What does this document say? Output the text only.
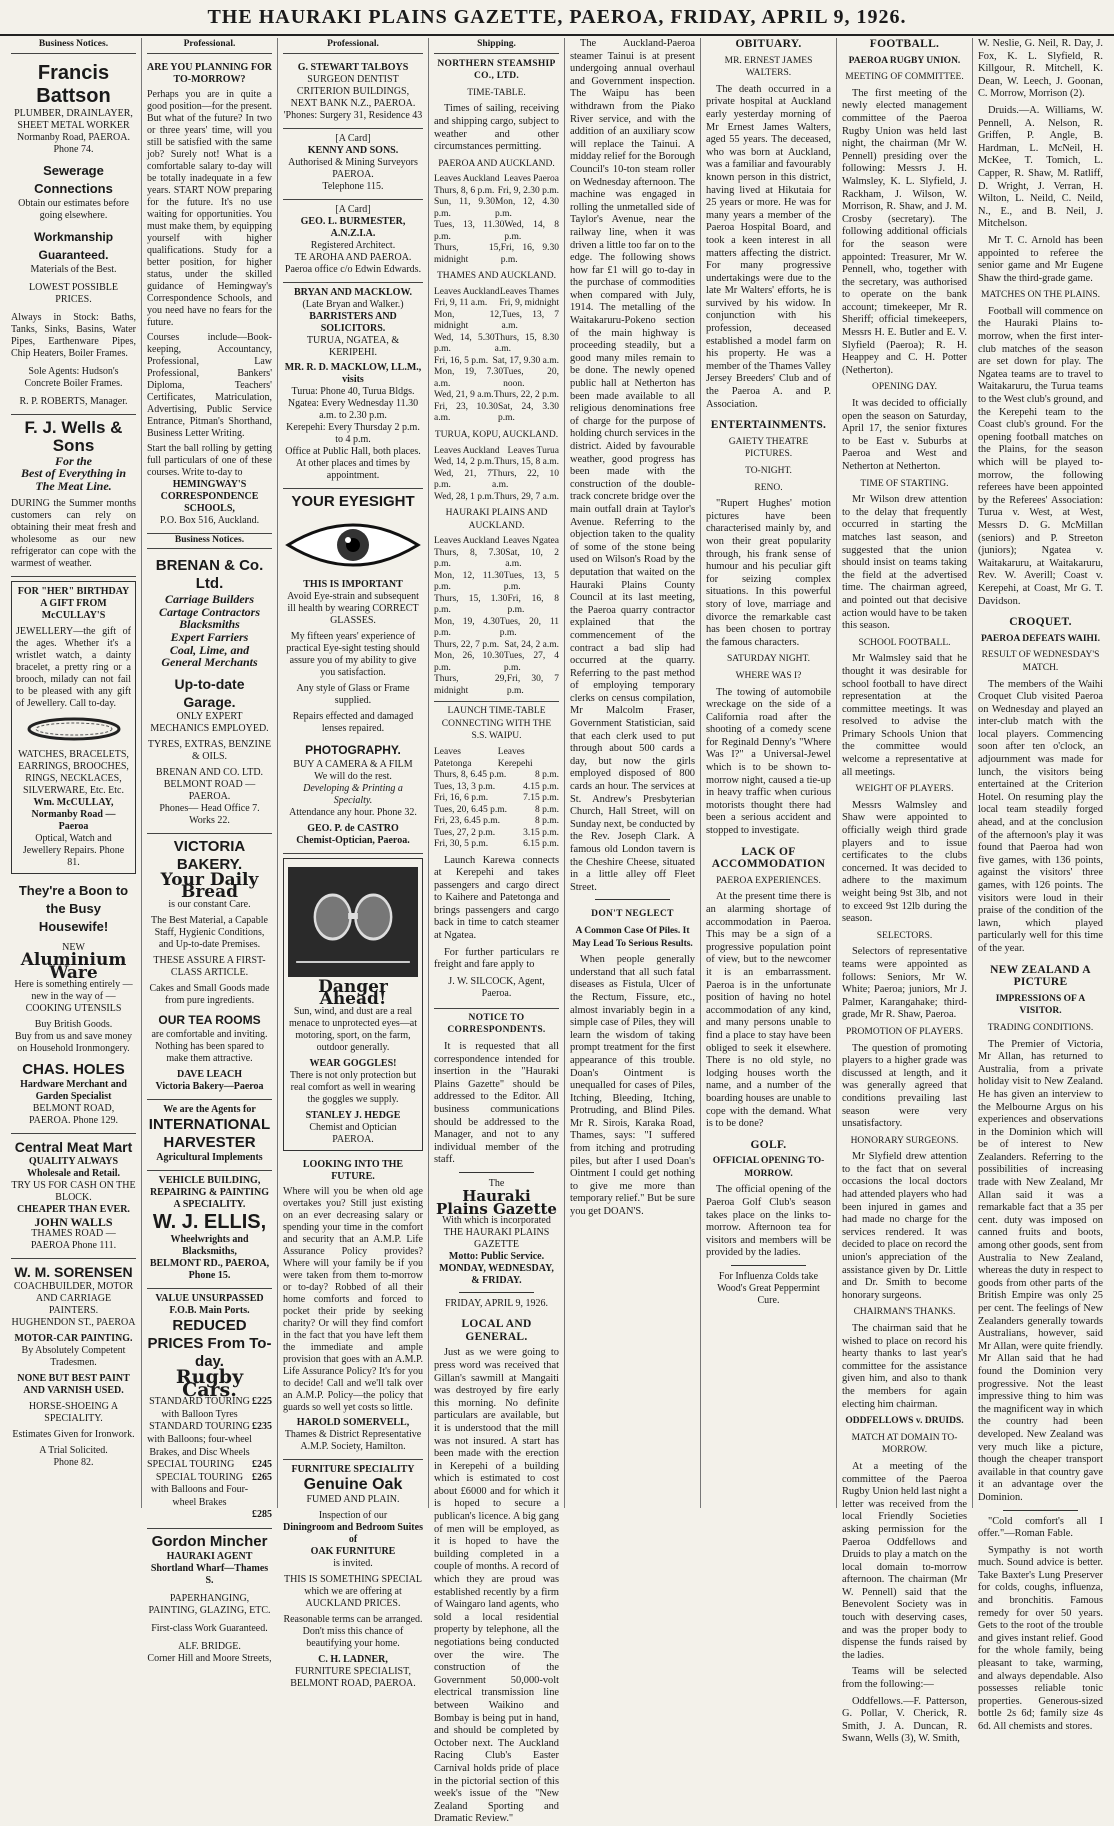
THE HAURAKI PLAINS GAZETTE, PAEROA, FRIDAY, APRIL 9, 1926.
Business Notices.
Francis Battson
PLUMBER, DRAINLAYER, SHEET METAL WORKER
Normanby Road, PAEROA. Phone 74.
Sewerage Connections
Obtain our estimates before going elsewhere.
Workmanship Guaranteed.
Materials of the Best.
LOWEST POSSIBLE PRICES.
Always in Stock: Baths, Tanks, Sinks, Basins, Water Pipes, Earthenware Pipes, Chip Heaters, Boiler Frames.
Sole Agents: Hudson's Concrete Boiler Frames.
R. P. ROBERTS, Manager.
F. J. Wells & Sons
For the
Best of Everything in
The Meat Line.
DURING the Summer months customers can rely on obtaining their meat fresh and wholesome as our new refrigerator can cope with the warmest of weather.
FOR "HER" BIRTHDAY A GIFT FROM McCULLAY'S
JEWELLERY—the gift of the ages. Whether it's a wristlet watch, a dainty bracelet, a pretty ring or a brooch, milady can not fail to be pleased with any gift of Jewellery. Call to-day.
WATCHES, BRACELETS, EARRINGS, BROOCHES, RINGS, NECKLACES, SILVERWARE, Etc. Etc.
Wm. McCULLAY,
Normanby Road — Paeroa
Optical, Watch and Jewellery Repairs. Phone 81.
They're a Boon to the Busy Housewife!
NEW
Aluminium Ware
Here is something entirely — new in the way of — COOKING UTENSILS
Buy British Goods.
Buy from us and save money on Household Ironmongery.
CHAS. HOLES
Hardware Merchant and Garden Specialist
BELMONT ROAD, PAEROA. Phone 129.
Central Meat Mart
QUALITY ALWAYS
Wholesale and Retail.
TRY US FOR CASH ON THE BLOCK.
CHEAPER THAN EVER.
JOHN WALLS
THAMES ROAD — PAEROA Phone 111.
W. M. SORENSEN
COACHBUILDER, MOTOR AND CARRIAGE PAINTERS.
HUGHENDON ST., PAEROA
MOTOR-CAR PAINTING.
By Absolutely Competent Tradesmen.
NONE BUT BEST PAINT AND VARNISH USED.
HORSE-SHOEING A SPECIALITY.
Estimates Given for Ironwork.
A Trial Solicited.
Phone 82.
Professional.
ARE YOU PLANNING FOR TO-MORROW?
Perhaps you are in quite a good position—for the present. But what of the future? In two or three years' time, will you still be satisfied with the same job? Surely not! What is a comfortable salary to-day will be totally inadequate in a few years. START NOW preparing for the future. It's no use waiting for opportunities. You must make them, by equipping yourself with higher qualifications. Study for a better position, for higher status, under the skilled guidance of Hemingway's Correspondence Schools, and you need have no fears for the future.
Courses include—Book-keeping, Accountancy, Professional, Law Professional, Bankers' Diploma, Teachers' Certificates, Matriculation, Advertising, Public Service Entrance, Pitman's Shorthand, Business Letter Writing.
Start the ball rolling by getting full particulars of one of these courses. Write to-day to
HEMINGWAY'S CORRESPONDENCE SCHOOLS,
P.O. Box 516, Auckland.
Business Notices.
BRENAN & Co. Ltd.
Carriage Builders
Cartage Contractors
Blacksmiths
Expert Farriers
Coal, Lime, and
General Merchants
Up-to-date Garage.
ONLY EXPERT MECHANICS EMPLOYED.
TYRES, EXTRAS, BENZINE & OILS.
BRENAN AND CO. LTD.
BELMONT ROAD — PAEROA.
Phones— Head Office 7. Works 22.
VICTORIA BAKERY.
Your Daily Bread
is our constant Care.
The Best Material, a Capable Staff, Hygienic Conditions, and Up-to-date Premises.
THESE ASSURE A FIRST-CLASS ARTICLE.
Cakes and Small Goods made from pure ingredients.
OUR TEA ROOMS
are comfortable and inviting. Nothing has been spared to make them attractive.
DAVE LEACH
Victoria Bakery—Paeroa
We are the Agents for
INTERNATIONAL HARVESTER
Agricultural Implements
VEHICLE BUILDING, REPAIRING & PAINTING A SPECIALITY.
W. J. ELLIS,
Wheelwrights and Blacksmiths,
BELMONT RD., PAEROA,
Phone 15.
VALUE UNSURPASSED F.O.B. Main Ports.
REDUCED PRICES From To-day.
Rugby Cars.
STANDARD TOURING with Balloon Tyres
£225
STANDARD TOURING with Balloons; four-wheel Brakes, and Disc Wheels
£235
SPECIAL TOURING £245
SPECIAL TOURING with Balloons and Four-wheel Brakes
£265
£285
Gordon Mincher
HAURAKI AGENT
Shortland Wharf—Thames S.
PAPERHANGING, PAINTING, GLAZING, ETC.
First-class Work Guaranteed.
ALF. BRIDGE.
Corner Hill and Moore Streets,
Professional.
G. STEWART TALBOYS
SURGEON DENTIST
CRITERION BUILDINGS, NEXT BANK N.Z., PAEROA.
'Phones: Surgery 31, Residence 43
[A Card]
KENNY AND SONS.
Authorised & Mining Surveyors PAEROA.
Telephone 115.
[A Card]
GEO. L. BURMESTER, A.N.Z.I.A.
Registered Architect.
TE AROHA AND PAEROA.
Paeroa office c/o Edwin Edwards.
BRYAN AND MACKLOW.
(Late Bryan and Walker.)
BARRISTERS AND SOLICITORS.
TURUA, NGATEA, & KERIPEHI.
MR. R. D. MACKLOW, LL.M., visits
Turua: Phone 40, Turua Bldgs.
Ngatea: Every Wednesday 11.30 a.m. to 2.30 p.m.
Kerepehi: Every Thursday 2 p.m. to 4 p.m.
Office at Public Hall, both places.
At other places and times by appointment.
YOUR EYESIGHT
THIS IS IMPORTANT
Avoid Eye-strain and subsequent ill health by wearing CORRECT GLASSES.
My fifteen years' experience of practical Eye-sight testing should assure you of my ability to give you satisfaction.
Any style of Glass or Frame supplied.
Repairs effected and damaged lenses repaired.
PHOTOGRAPHY.
BUY A CAMERA & A FILM
We will do the rest.
Developing & Printing a Specialty.
Attendance any hour. Phone 32.
GEO. P. de CASTRO
Chemist-Optician, Paeroa.
Danger Ahead!
Sun, wind, and dust are a real menace to unprotected eyes—at motoring, sport, on the farm, outdoor generally.
WEAR GOGGLES!
There is not only protection but real comfort as well in wearing the goggles we supply.
STANLEY J. HEDGE
Chemist and Optician PAEROA.
LOOKING INTO THE FUTURE.
Where will you be when old age overtakes you? Still just existing on an ever decreasing salary or spending your time in the comfort and security that an A.M.P. Life Assurance Policy provides? Where will your family be if you were taken from them to-morrow or to-day? Robbed of all their home comforts and forced to pocket their pride by seeking charity? Or will they find comfort in the fact that you have left them the immediate and ample provision that goes with an A.M.P. Life Assurance Policy? It's for you to decide! Call and we'll talk over an A.M.P. Policy—the policy that guards so well yet costs so little.
HAROLD SOMERVELL,
Thames & District Representative A.M.P. Society, Hamilton.
FURNITURE SPECIALITY
Genuine Oak
FUMED AND PLAIN.
Inspection of our
Diningroom and Bedroom Suites of
OAK FURNITURE
is invited.
THIS IS SOMETHING SPECIAL
which we are offering at AUCKLAND PRICES.
Reasonable terms can be arranged. Don't miss this chance of beautifying your home.
C. H. LADNER,
FURNITURE SPECIALIST,
BELMONT ROAD, PAEROA.
Shipping.
NORTHERN STEAMSHIP CO., LTD.
TIME-TABLE.

Times of sailing, receiving and shipping cargo, subject to weather and other circumstances permitting.

PAEROA AND AUCKLAND.
Leaves Auckland Leaves Paeroa
Thurs, 8, 6 p.m. Fri, 9, 2.30 p.m.
Sun, 11, 9.30 p.m.
Mon, 12, 4.30 p.m.
Tues, 13, 11.30 p.m.
Wed, 14, 8 p.m.
Thurs, 15, midnight
Fri, 16, 9.30 p.m.
THAMES AND AUCKLAND.
Leaves Auckland Leaves Thames
Fri, 9, 11 a.m. Fri, 9, midnight
Mon, 12, midnight
Tues, 13, 7 a.m.
Wed, 14, 5.30 p.m.
Thurs, 15, 8.30 a.m.
Fri, 16, 5 p.m. Sat, 17, 9.30 a.m.
Mon, 19, 7.30 a.m.
Tues, 20, noon.
Wed, 21, 9 a.m. Thurs, 22, 2 p.m.
Fri, 23, 10.30 a.m.
Sat, 24, 3.30 p.m.
TURUA, KOPU, AUCKLAND.
Leaves Auckland Leaves Turua
Wed, 14, 2 p.m. Thurs, 15, 8 a.m.
Wed, 21, 7 p.m.
Thurs, 22, 10 a.m.
Wed, 28, 1 p.m. Thurs, 29, 7 a.m.
HAURAKI PLAINS AND AUCKLAND.
Leaves Auckland Leaves Ngatea
Thurs, 8, 7.30 p.m.
Sat, 10, 2 a.m.
Mon, 12, 11.30 p.m.
Tues, 13, 5 p.m.
Thurs, 15, 1.30 p.m.
Fri, 16, 8 p.m.
Mon, 19, 4.30 p.m.
Tues, 20, 11 p.m.
Thurs, 22, 7 p.m. Sat, 24, 2 a.m.
Mon, 26, 10.30 p.m.
Tues, 27, 4 p.m.
Thurs, 29, midnight
Fri, 30, 7 p.m.
LAUNCH TIME-TABLE CONNECTING WITH THE S.S. WAIPU.
Leaves Patetonga
Leaves Kerepehi
Thurs, 8, 6.45 p.m.	8 p.m.
Tues, 13, 3 p.m.	4.15 p.m.
Fri, 16, 6 p.m.	7.15 p.m.
Tues, 20, 6.45 p.m.	8 p.m.
Fri, 23, 6.45 p.m.	8 p.m.
Tues, 27, 2 p.m.	3.15 p.m.
Fri, 30, 5 p.m.	6.15 p.m.

Launch Karewa connects at Kerepehi and takes passengers and cargo direct to Kaihere and Patetonga and brings passengers and cargo back in time to catch steamer at Ngatea.

For further particulars re freight and fare apply to

J. W. SILCOCK, Agent, Paeroa.
NOTICE TO CORRESPONDENTS.

It is requested that all correspondence intended for insertion in the "Hauraki Plains Gazette" should be addressed to the Editor. All business communications should be addressed to the Manager, and not to any individual member of the staff.

The
Hauraki Plains Gazette
With which is incorporated THE HAURAKI PLAINS GAZETTE
Motto: Public Service.
MONDAY, WEDNESDAY, & FRIDAY.
FRIDAY, APRIL 9, 1926.
LOCAL AND GENERAL.

Just as we were going to press word was received that Gillan's sawmill at Mangaiti was destroyed by fire early this morning. No definite particulars are available, but it is understood that the mill was not insured. A start has been made with the erection in Kerepehi of a building which is estimated to cost about £6000 and for which it is hoped to secure a publican's licence. A big gang of men will be employed, as it is hoped to have the building completed in a couple of months. A record of which they are proud was established recently by a firm of Waingaro land agents, who sold a local residential property by telephone, all the negotiations being conducted over the wire. The construction of the Government 50,000-volt electrical transmission line between Waikino and Bombay is being put in hand, and should be completed by October next. The Auckland Racing Club's Easter Carnival holds pride of place in the pictorial section of this week's issue of the "New Zealand Sporting and Dramatic Review."

The Auckland-Paeroa steamer Tainui is at present undergoing annual overhaul and Government inspection. The Waipu has been withdrawn from the Piako River service, and with the addition of an auxiliary scow will replace the Tainui. A midday relief for the Borough Council's 10-ton steam roller on Wednesday afternoon. The machine was engaged in rolling the unmetalled side of Taylor's Avenue, near the railway line, when it was driven a little too far on to the edge. The following shows how far £1 will go to-day in the purchase of commodities when compared with July, 1914. The metalling of the Waitakaruru-Pokeno section of the main highway is proceeding steadily, but a good many miles remain to be done. The newly opened public hall at Netherton has been made available to all religious denominations free of charge for the purpose of holding church services in the district. Aided by favourable weather, good progress has been made with the construction of the double-track concrete bridge over the main outfall drain at Taylor's Avenue. Referring to the objection taken to the quality of some of the stone being used on Wilson's Road by the deputation that waited on the Hauraki Plains County Council at its last meeting, the Paeroa quarry contractor explained that the commencement of the contract a bad slip had occurred at the quarry. Referring to the past method of employing temporary clerks on census compilation, Mr Malcolm Fraser, Government Statistician, said that each clerk used to put through about 500 cards a day, but now the girls employed disposed of 800 cards an hour. The services at St. Andrew's Presbyterian Church, Hall Street, will on Sunday next, be conducted by the Rev. Joseph Clark. A famous old London tavern is the Cheshire Cheese, situated in a little alley off Fleet Street.

DON'T NEGLECT
A Common Case Of Piles. It May Lead To Serious Results.

When people generally understand that all such fatal diseases as Fistula, Ulcer of the Rectum, Fissure, etc., almost invariably begin in a simple case of Piles, they will learn the wisdom of taking prompt treatment for the first appearance of this trouble. Doan's Ointment is unequalled for cases of Piles, Itching, Bleeding, Itching, Protruding, and Blind Piles. Mr R. Sirois, Karaka Road, Thames, says: "I suffered from itching and protruding piles, but after I used Doan's Ointment I could get nothing to give me more than temporary relief." But be sure you get DOAN'S.

OBITUARY.
MR. ERNEST JAMES WALTERS.

The death occurred in a private hospital at Auckland early yesterday morning of Mr Ernest James Walters, aged 55 years. The deceased, who was born at Auckland, was a familiar and favourably known person in this district, having lived at Hikutaia for 25 years or more. He was for many years a member of the Paeroa Hospital Board, and took a keen interest in all matters affecting the district. For many progressive undertakings were due to the late Mr Walters' efforts, he is survived by his widow. In conjunction with his profession, deceased established a model farm on his property. He was a member of the Thames Valley Jersey Breeders' Club and of the Paeroa A. and P. Association.

ENTERTAINMENTS.
GAIETY THEATRE PICTURES.
TO-NIGHT.
RENO.

"Rupert Hughes' motion pictures have been characterised mainly by, and won their great popularity through, his frank sense of humour and his peculiar gift for seizing complex situations. In this powerful story of love, marriage and divorce the remarkable cast has been chosen to portray the famous characters.

SATURDAY NIGHT.
WHERE WAS I?

The towing of automobile wreckage on the side of a California road after the shooting of a comedy scene for Reginald Denny's "Where Was I?" a Universal-Jewel which is to be shown to-morrow night, caused a tie-up in heavy traffic when curious motorists thought there had been a serious accident and stopped to investigate.

LACK OF ACCOMMODATION
PAEROA EXPERIENCES.

At the present time there is an alarming shortage of accommodation in Paeroa. This may be a sign of a progressive population point of view, but to the newcomer it is an embarrassment. Paeroa is in the unfortunate position of having no hotel accommodation of any kind, and many persons unable to find a place to stay have been obliged to seek it elsewhere. There is no old style, no lodging houses worth the name, and a number of the boarding houses are unable to cope with the demand. What is to be done?

GOLF.
OFFICIAL OPENING TO-MORROW.

The official opening of the Paeroa Golf Club's season takes place on the links to-morrow. Afternoon tea for visitors and members will be provided by the ladies.

For Influenza Colds take
Wood's Great Peppermint Cure.
FOOTBALL.
PAEROA RUGBY UNION.
MEETING OF COMMITTEE.

The first meeting of the newly elected management committee of the Paeroa Rugby Union was held last night, the chairman (Mr W. Pennell) presiding over the following: Messrs J. H. Walmsley, K. L. Slyfield, J. Rackham, J. Wilson, W. Morrison, R. Shaw, and J. M. Crosby (secretary). The following additional officials for the season were appointed: Treasurer, Mr W. Pennell, who, together with the secretary, was authorised to operate on the bank account; timekeeper, Mr R. Sheriff; official timekeepers, Messrs H. E. Butler and E. V. Slyfield (Paeroa); R. H. Heappey and C. H. Potter (Netherton).

OPENING DAY.

It was decided to officially open the season on Saturday, April 17, the senior fixtures to be East v. Suburbs at Paeroa and West and Netherton at Netherton.

TIME OF STARTING.

Mr Wilson drew attention to the delay that frequently occurred in starting the matches last season, and suggested that the union should insist on teams taking the field at the advertised time. The chairman agreed, and pointed out that decisive action would have to be taken this season.

SCHOOL FOOTBALL.

Mr Walmsley said that he thought it was desirable for school football to have direct representation at the committee meetings. It was resolved to advise the Primary Schools Union that the committee would welcome a representative at all meetings.

WEIGHT OF PLAYERS.

Messrs Walmsley and Shaw were appointed to officially weigh third grade players and to issue certificates to the clubs concerned. It was decided to adhere to the maximum weight being 9st 3lb, and not to exceed 9st 12lb during the season.

SELECTORS.

Selectors of representative teams were appointed as follows: Seniors, Mr W. White; Paeroa; juniors, Mr J. Palmer, Karangahake; third-grade, Mr R. Shaw, Paeroa.

PROMOTION OF PLAYERS.

The question of promoting players to a higher grade was discussed at length, and it was generally agreed that conditions prevailing last season were very unsatisfactory.

HONORARY SURGEONS.

Mr Slyfield drew attention to the fact that on several occasions the local doctors had attended players who had been injured in games and had made no charge for the services rendered. It was decided to place on record the union's appreciation of the assistance given by Dr. Little and Dr. Smith to become honorary surgeons.

CHAIRMAN'S THANKS.

The chairman said that he wished to place on record his hearty thanks to last year's committee for the assistance given him, and also to thank the members for again electing him chairman.

ODDFELLOWS v. DRUIDS.
MATCH AT DOMAIN TO-MORROW.

At a meeting of the committee of the Paeroa Rugby Union held last night a letter was received from the local Friendly Societies asking permission for the Paeroa Oddfellows and Druids to play a match on the local domain to-morrow afternoon. The chairman (Mr W. Pennell) said that the Benevolent Society was in touch with deserving cases, and was the proper body to dispense the funds raised by the ladies.

Teams will be selected from the following:—

Oddfellows.—F. Patterson, G. Pollar, V. Cherick, R. Smith, J. A. Duncan, R. Swann, Wells (3), W. Smith,

W. Neslie, G. Neil, R. Day, J. Fox, K. L. Slyfield, R. Killgour, R. Mitchell, K. Dean, W. Leech, J. Goonan, C. Morrow, Morrison (2).

Druids.—A. Williams, W. Pennell, A. Nelson, R. Griffen, P. Angle, B. Hardman, L. McNeil, H. McKee, T. Tomich, L. Capper, R. Shaw, M. Ratliff, D. Wright, J. Verran, H. Wilton, L. Neild, C. Neild, N., E., and B. Neil, J. Mitchelson.

Mr T. C. Arnold has been appointed to referee the senior game and Mr Eugene Shaw the third-grade game.

MATCHES ON THE PLAINS.

Football will commence on the Hauraki Plains to-morrow, when the first inter-club matches of the season are set down for play. The Ngatea teams are to travel to Waitakaruru, the Turua teams to the West club's ground, and the Kerepehi team to the Coast club's ground. For the opening football matches on the Plains, for the season which will be played to-morrow, the following referees have been appointed by the Referees' Association: Turua v. West, at West, Messrs D. G. McMillan (seniors) and P. Streeton (juniors); Ngatea v. Waitakaruru, at Waitakaruru, Rev. W. Averill; Coast v. Kerepehi, at Coast, Mr G. T. Davidson.

CROQUET.
PAEROA DEFEATS WAIHI.
RESULT OF WEDNESDAY'S MATCH.

The members of the Waihi Croquet Club visited Paeroa on Wednesday and played an inter-club match with the local players. Commencing soon after ten o'clock, an adjournment was made for lunch, the visitors being entertained at the Criterion Hotel. On resuming play the local team steadily forged ahead, and at the conclusion of the afternoon's play it was found that Paeroa had won five games, with 136 points, against the visitors' three games, with 126 points. The visitors were loud in their praise of the condition of the lawn, which played particularly well for this time of the year.

NEW ZEALAND A PICTURE
IMPRESSIONS OF A VISITOR.
TRADING CONDITIONS.

The Premier of Victoria, Mr Allan, has returned to Australia, from a private holiday visit to New Zealand. He has given an interview to the Melbourne Argus on his experiences and observations in the Dominion which will be of interest to New Zealanders. Referring to the possibilities of increasing trade with New Zealand, Mr Allan said it was a remarkable fact that a 35 per cent. duty was imposed on canned fruits and boots, among other goods, sent from Australia to New Zealand, whereas the duty in respect to goods from other parts of the British Empire was only 25 per cent. The feelings of New Zealanders generally towards Australians, however, said Mr Allan, were quite friendly. Mr Allan said that he had found the Dominion very progressive. Not the least impressive thing to him was the magnificent way in which the country had been developed. New Zealand was very much like a picture, though the cheaper transport available in that country gave it an advantage over the Dominion.

"Cold comfort's all I offer."—Roman Fable.

Sympathy is not worth much. Sound advice is better. Take Baxter's Lung Preserver for colds, coughs, influenza, and bronchitis. Famous remedy for over 50 years. Gets to the root of the trouble and gives instant relief. Good for the whole family, being pleasant to take, warming, and always dependable. Also possesses reliable tonic properties. Generous-sized bottle 2s 6d; family size 4s 6d. All chemists and stores.
